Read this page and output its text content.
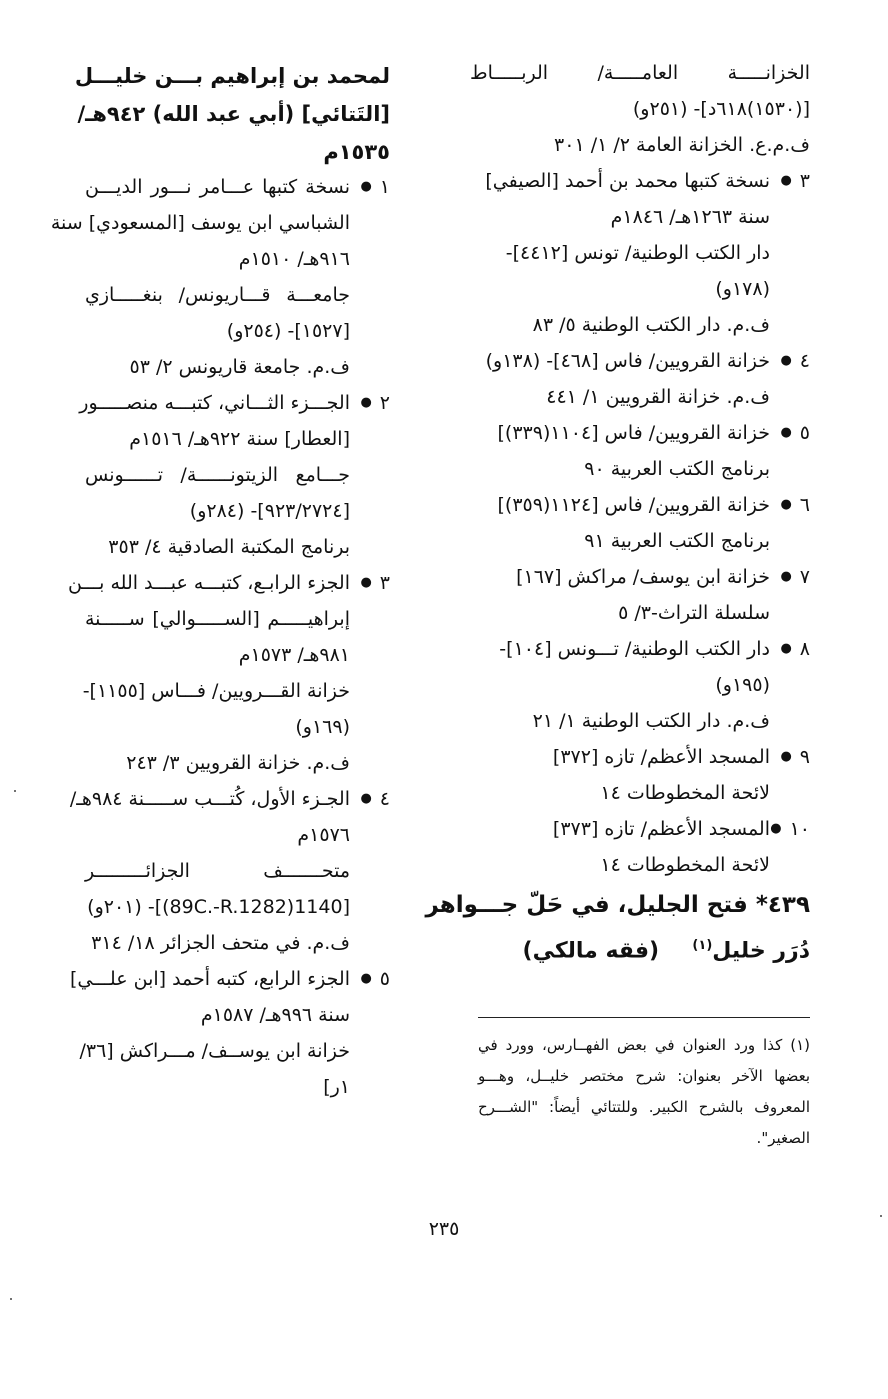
الخزانـــــة العامـــــة/ الربـــــاط
[(١٥٣٠)٦١٨د]- (٢٥١و)
ف.م.ع. الخزانة العامة ٢/ ١/ ٣٠١
٣
●
نسخة كتبها محمد بن أحمد [الصيفي]
سنة ١٢٦٣هـ/ ١٨٤٦م
دار الكتب الوطنية/ تونس [٤٤١٢]-
(١٧٨و)
ف.م. دار الكتب الوطنية ٥/ ٨٣
٤
●
خزانة القرويين/ فاس [٤٦٨]- (١٣٨و)
ف.م. خزانة القرويين ١/ ٤٤١
٥
●
خزانة القرويين/ فاس [١١٠٤(٣٣٩)]
برنامج الكتب العربية ٩٠
٦
●
خزانة القرويين/ فاس [١١٢٤(٣٥٩)]
برنامج الكتب العربية ٩١
٧
●
خزانة ابن يوسف/ مراكش [١٦٧]
سلسلة التراث-٣/ ٥
٨
●
دار الكتب الوطنية/ تـــونس [١٠٤]-
(١٩٥و)
ف.م. دار الكتب الوطنية ١/ ٢١
٩
●
المسجد الأعظم/ تازه [٣٧٢]
لائحة المخطوطات ١٤
١٠
●
المسجد الأعظم/ تازه [٣٧٣]
لائحة المخطوطات ١٤
٤٣٩* فتح الجليل، في حَلّ جـــواهر
دُرَر خليل$^{(١)}$  (فقه مالكي)
(١) كذا ورد العنوان في بعض الفهــارس، وورد في
بعضها الآخر بعنوان: شرح مختصر خليــل، وهـــو
المعروف بالشرح الكبير. وللتتائي أيضاً: "الشـــرح
الصغير".
لمحمد بن إبراهيم بـــن خليـــل
[التَتائي] (أبي عبد الله) ٩٤٢هـ/
١٥٣٥م
١
●
نسخة كتبها عـــامر نـــور الديـــن
الشباسي ابن يوسف [المسعودي] سنة
٩١٦هـ/ ١٥١٠م
جامعـــة قـــاريونس/ بنغـــــازي
[١٥٢٧]- (٢٥٤و)
ف.م. جامعة قاريونس ٢/ ٥٣
٢
●
الجـــزء الثـــاني، كتبـــه منصـــــور
[العطار] سنة ٩٢٢هـ/ ١٥١٦م
جـــامع الزيتونــــــة/ تــــــونس
[٩٢٣/٢٧٢٤]- (٢٨٤و)
برنامج المكتبة الصادقية ٤/ ٣٥٣
٣
●
الجزء الرابـع، كتبـــه عبـــد الله بـــن
إبراهيـــــم [الســـــوالي] ســـــنة
٩٨١هـ/ ١٥٧٣م
خزانة القـــرويين/ فـــاس [١١٥٥]-
(١٦٩و)
ف.م. خزانة القرويين ٣/ ٢٤٣
٤
●
الجـزء الأول، كُتـــب ســـــنة ٩٨٤هـ/
١٥٧٦م
متحـــــــف الجزائـــــــــر
[1140(89C.-R.1282)]- (٢٠١و)
ف.م. في متحف الجزائر ١٨/ ٣١٤
٥
●
الجزء الرابع، كتبه أحمد [ابن علـــي]
سنة ٩٩٦هـ/ ١٥٨٧م
خزانة ابن يوســف/ مـــراكش [٣٦/
١ر]
٢٣٥
